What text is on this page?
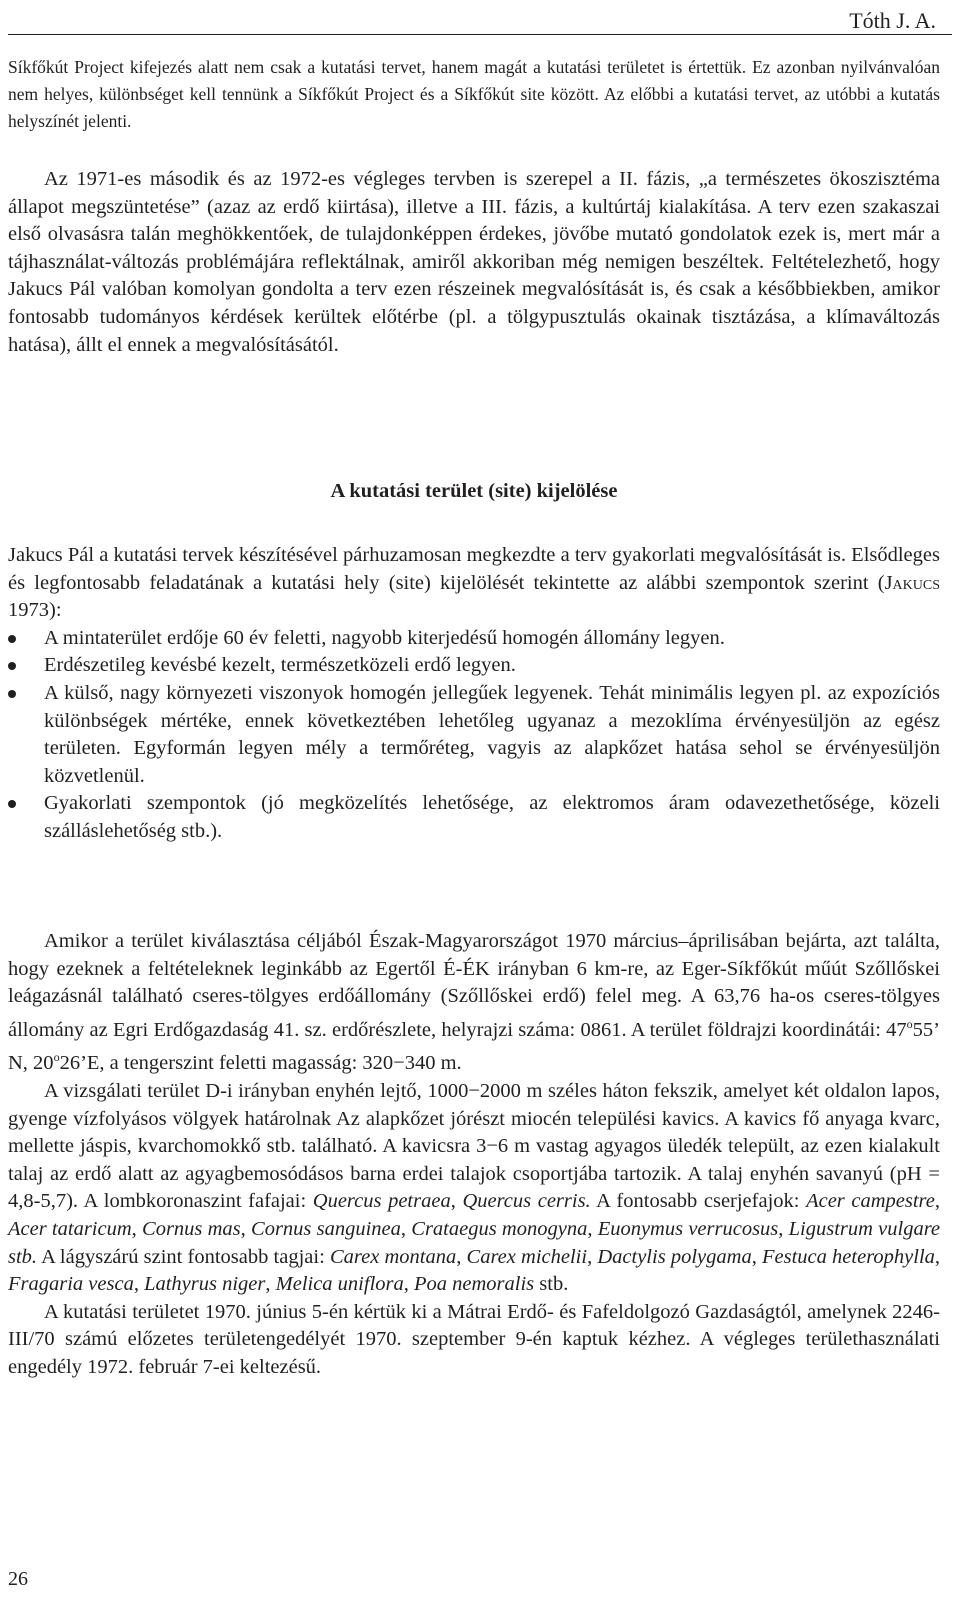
Tóth J. A.
Síkfőkút Project kifejezés alatt nem csak a kutatási tervet, hanem magát a kutatási területet is értettük. Ez azonban nyilvánvalóan nem helyes, különbséget kell tennünk a Síkfőkút Project és a Síkfőkút site között. Az előbbi a kutatási tervet, az utóbbi a kutatás helyszínét jelenti.

Az 1971-es második és az 1972-es végleges tervben is szerepel a II. fázis, „a természetes ökoszisztéma állapot megszüntetése” (azaz az erdő kiirtása), illetve a III. fázis, a kultúrtáj kialakítása. A terv ezen szakaszai első olvasásra talán meghökkentőek, de tulajdonképpen érdekes, jövőbe mutató gondolatok ezek is, mert már a tájhasználat-változás problémájára reflektálnak, amiről akkoriban még nemigen beszéltek. Feltételezhető, hogy Jakucs Pál valóban komolyan gondolta a terv ezen részeinek megvalósítását is, és csak a későbbiekben, amikor fontosabb tudományos kérdések kerültek előtérbe (pl. a tölgypusztulás okainak tisztázása, a klímaváltozás hatása), állt el ennek a megvalósításától.

A kutatási terület (site) kijelölése

Jakucs Pál a kutatási tervek készítésével párhuzamosan megkezdte a terv gyakorlati megvalósítását is. Elsődleges és legfontosabb feladatának a kutatási hely (site) kijelölését tekintette az alábbi szempontok szerint (Jakucs 1973):

A mintaterület erdője 60 év feletti, nagyobb kiterjedésű homogén állomány legyen.
Erdészetileg kevésbé kezelt, természetközeli erdő legyen.
A külső, nagy környezeti viszonyok homogén jellegűek legyenek. Tehát minimális legyen pl. az expozíciós különbségek mértéke, ennek következtében lehetőleg ugyanaz a mezoklíma érvényesüljön az egész területen. Egyformán legyen mély a termőréteg, vagyis az alapkőzet hatása sehol se érvényesüljön közvetlenül.
Gyakorlati szempontok (jó megközelítés lehetősége, az elektromos áram odavezethetősége, közeli szálláslehetőség stb.).

Amikor a terület kiválasztása céljából Észak-Magyarországot 1970 március–áprilisában bejárta, azt találta, hogy ezeknek a feltételeknek leginkább az Egertől É-ÉK irányban 6 km-re, az Eger-Síkfőkút műút Szőllőskei leágazásnál található cseres-tölgyes erdőállomány (Szőllőskei erdő) felel meg. A 63,76 ha-os cseres-tölgyes állomány az Egri Erdőgazdaság 41. sz. erdőrészlete, helyrajzi száma: 0861. A terület földrajzi koordinátái: 47$^o$55’ N, 20$^o$26’E, a tengerszint feletti magasság: 320−340 m.

A vizsgálati terület D-i irányban enyhén lejtő, 1000−2000 m széles háton fekszik, amelyet két oldalon lapos, gyenge vízfolyásos völgyek határolnak Az alapkőzet jórészt miocén települési kavics. A kavics fő anyaga kvarc, mellette jáspis, kvarchomokkő stb. található. A kavicsra 3−6 m vastag agyagos üledék települt, az ezen kialakult talaj az erdő alatt az agyagbemosódásos barna erdei talajok csoportjába tartozik. A talaj enyhén savanyú (pH = 4,8-5,7). A lombkoronaszint fafajai: Quercus petraea, Quercus cerris. A fontosabb cserjefajok: Acer campestre, Acer tataricum, Cornus mas, Cornus sanguinea, Crataegus monogyna, Euonymus verrucosus, Ligustrum vulgare stb. A lágyszárú szint fontosabb tagjai: Carex montana, Carex michelii, Dactylis polygama, Festuca heterophylla, Fragaria vesca, Lathyrus niger, Melica uniflora, Poa nemoralis stb.

A kutatási területet 1970. június 5-én kértük ki a Mátrai Erdő- és Fafeldolgozó Gazdaságtól, amelynek 2246-III/70 számú előzetes területengedélyét 1970. szeptember 9-én kaptuk kézhez. A végleges területhasználati engedély 1972. február 7-ei keltezésű.

26
